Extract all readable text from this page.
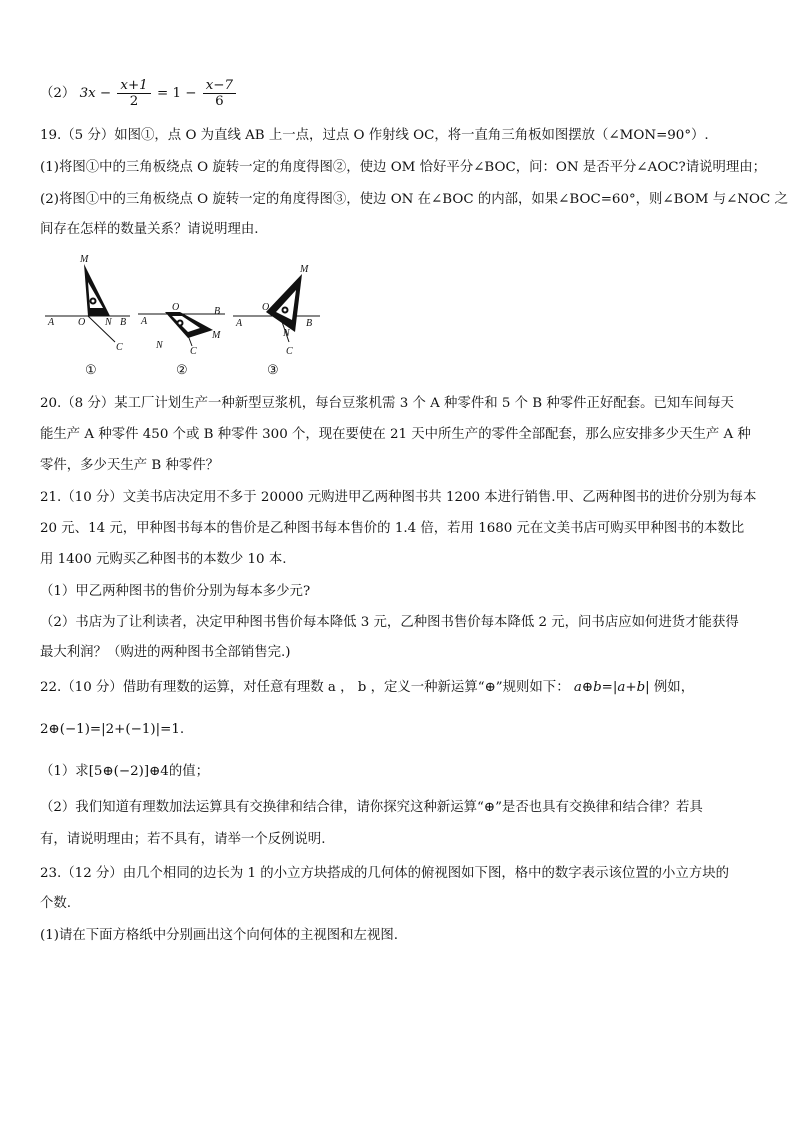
（2） $3x - \frac{x+1}{2} = 1 - \frac{x-7}{6}$
19.（5 分）如图①，点 O 为直线 AB 上一点，过点 O 作射线 OC，将一直角三角板如图摆放（∠MON=90°）.
(1)将图①中的三角板绕点 O 旋转一定的角度得图②，使边 OM 恰好平分∠BOC，问：ON 是否平分∠AOC?请说明理由；
(2)将图①中的三角板绕点 O 旋转一定的角度得图③，使边 ON 在∠BOC 的内部，如果∠BOC=60°，则∠BOM 与∠NOC 之
间存在怎样的数量关系？请说明理由.
M
A O N B
C
A
O	B
M
N
C
M
A
O
B
N
C
①	②	③
20.（8 分）某工厂计划生产一种新型豆浆机，每台豆浆机需 3 个 A 种零件和 5 个 B 种零件正好配套。已知车间每天
能生产 A 种零件 450 个或 B 种零件 300 个，现在要使在 21 天中所生产的零件全部配套，那么应安排多少天生产 A 种
零件，多少天生产 B 种零件？
21.（10 分）文美书店决定用不多于 20000 元购进甲乙两种图书共 1200 本进行销售.甲、乙两种图书的进价分别为每本
20 元、14 元，甲种图书每本的售价是乙种图书每本售价的 1.4 倍，若用 1680 元在文美书店可购买甲种图书的本数比
用 1400 元购买乙种图书的本数少 10 本.
（1）甲乙两种图书的售价分别为每本多少元?
（2）书店为了让利读者，决定甲种图书售价每本降低 3 元，乙种图书售价每本降低 2 元，问书店应如何进货才能获得
最大利润？（购进的两种图书全部销售完.)
22.（10 分）借助有理数的运算，对任意有理数 a ， b ，定义一种新运算“⊕”规则如下： a⊕b=|a+b| 例如，
2⊕(−1)=|2+(−1)|=1.
（1）求[5⊕(−2)]⊕4的值；
（2）我们知道有理数加法运算具有交换律和结合律，请你探究这种新运算“⊕”是否也具有交换律和结合律？若具
有，请说明理由；若不具有，请举一个反例说明.
23.（12 分）由几个相同的边长为 1 的小立方块搭成的几何体的俯视图如下图，格中的数字表示该位置的小立方块的
个数.
(1)请在下面方格纸中分别画出这个向何体的主视图和左视图.
